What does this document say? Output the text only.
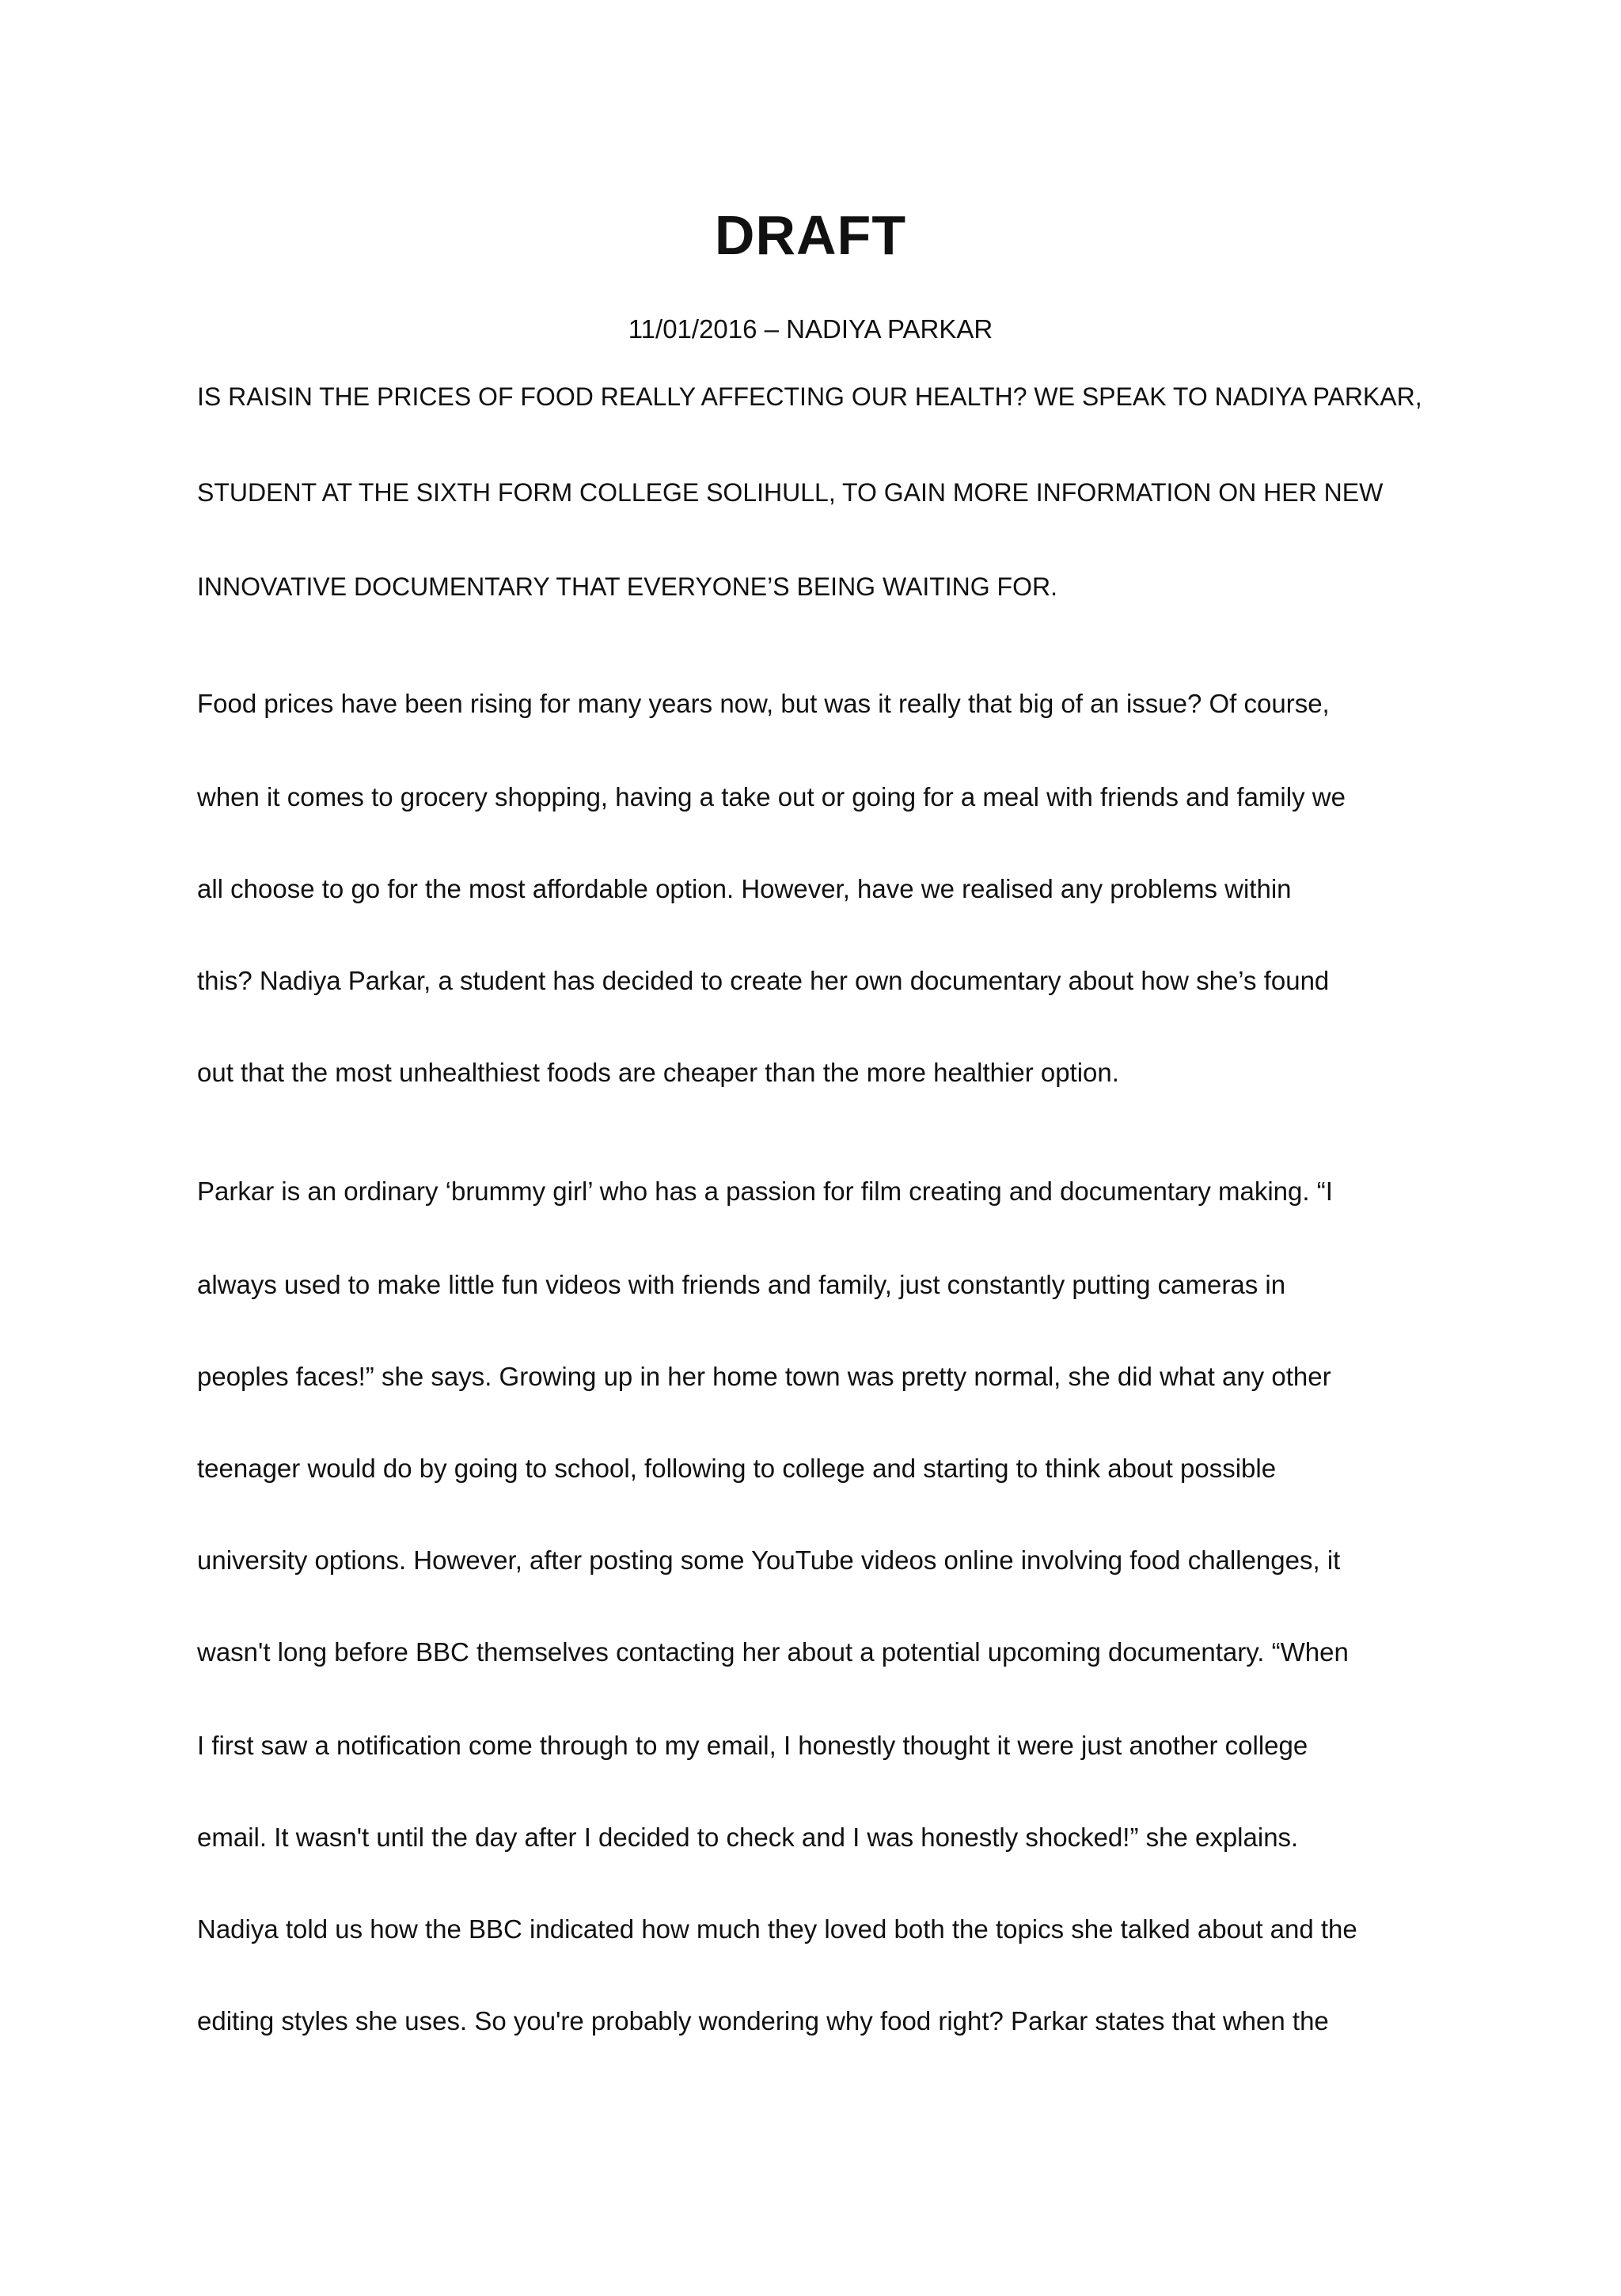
DRAFT

11/01/2016 – NADIYA PARKAR

IS RAISIN THE PRICES OF FOOD REALLY AFFECTING OUR HEALTH? WE SPEAK TO NADIYA PARKAR,

STUDENT AT THE SIXTH FORM COLLEGE SOLIHULL, TO GAIN MORE INFORMATION ON HER NEW

INNOVATIVE DOCUMENTARY THAT EVERYONE’S BEING WAITING FOR.

Food prices have been rising for many years now, but was it really that big of an issue? Of course,

when it comes to grocery shopping, having a take out or going for a meal with friends and family we

all choose to go for the most affordable option. However, have we realised any problems within

this? Nadiya Parkar, a student has decided to create her own documentary about how she’s found

out that the most unhealthiest foods are cheaper than the more healthier option.

Parkar is an ordinary ‘brummy girl’ who has a passion for film creating and documentary making. “I

always used to make little fun videos with friends and family, just constantly putting cameras in

peoples faces!” she says. Growing up in her home town was pretty normal, she did what any other

teenager would do by going to school, following to college and starting to think about possible

university options. However, after posting some YouTube videos online involving food challenges, it

wasn't long before BBC themselves contacting her about a potential upcoming documentary. “When

I first saw a notification come through to my email, I honestly thought it were just another college

email. It wasn't until the day after I decided to check and I was honestly shocked!” she explains.

Nadiya told us how the BBC indicated how much they loved both the topics she talked about and the

editing styles she uses. So you're probably wondering why food right? Parkar states that when the
